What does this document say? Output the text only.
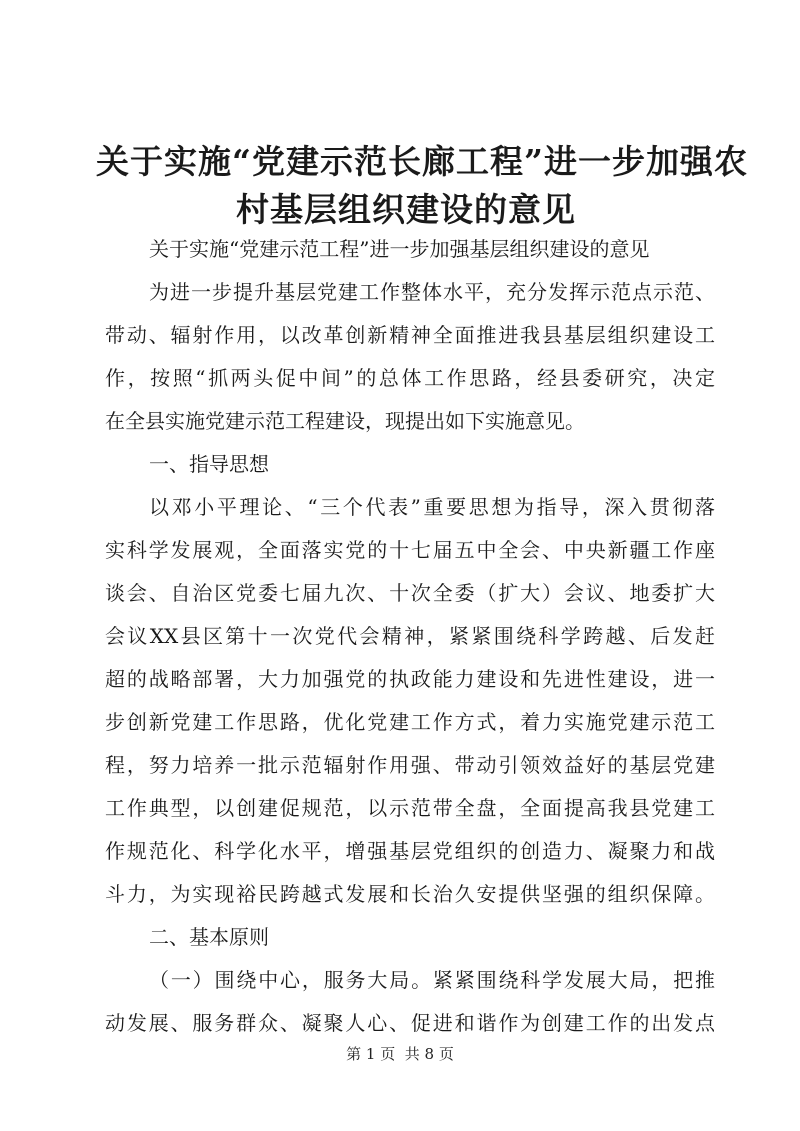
关于实施“党建示范长廊工程”进一步加强农
村基层组织建设的意见
关于实施“党建示范工程”进一步加强基层组织建设的意见
为进一步提升基层党建工作整体水平，充分发挥示范点示范、
带动、辐射作用，以改革创新精神全面推进我县基层组织建设工
作，按照“抓两头促中间”的总体工作思路，经县委研究，决定
在全县实施党建示范工程建设，现提出如下实施意见。
一、指导思想
以邓小平理论、“三个代表”重要思想为指导，深入贯彻落
实科学发展观，全面落实党的十七届五中全会、中央新疆工作座
谈会、自治区党委七届九次、十次全委（扩大）会议、地委扩大
会议XX县区第十一次党代会精神，紧紧围绕科学跨越、后发赶
超的战略部署，大力加强党的执政能力建设和先进性建设，进一
步创新党建工作思路，优化党建工作方式，着力实施党建示范工
程，努力培养一批示范辐射作用强、带动引领效益好的基层党建
工作典型，以创建促规范，以示范带全盘，全面提高我县党建工
作规范化、科学化水平，增强基层党组织的创造力、凝聚力和战
斗力，为实现裕民跨越式发展和长治久安提供坚强的组织保障。
二、基本原则
（一）围绕中心，服务大局。紧紧围绕科学发展大局，把推
动发展、服务群众、凝聚人心、促进和谐作为创建工作的出发点
第 1 页  共 8 页
